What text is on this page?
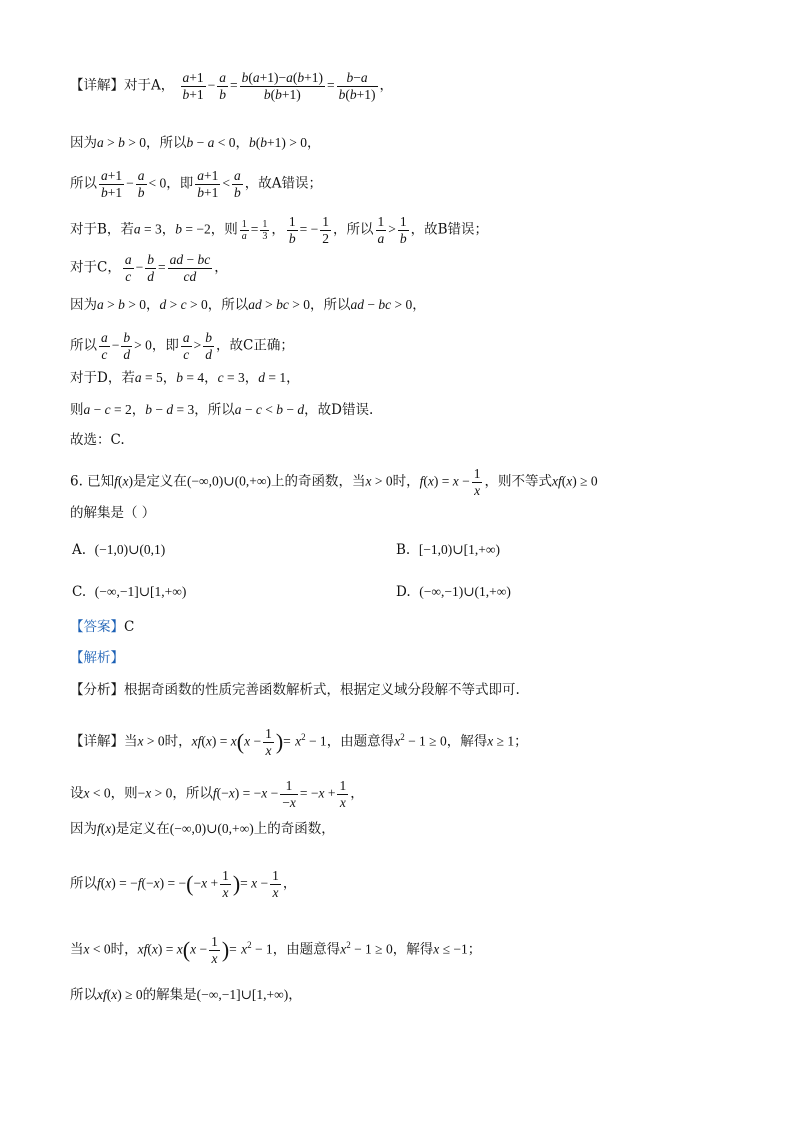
【详解】对于A， $\frac{a+1}{b+1} - \frac{a}{b} = \frac{b(a+1)-a(b+1)}{b(b+1)} = \frac{b-a}{b(b+1)}$ ，
因为a > b > 0，所以b − a < 0，b(b+1) > 0，
所以 $\frac{a+1}{b+1} - \frac{a}{b} < 0$，即 $\frac{a+1}{b+1} < \frac{a}{b}$ ，故A错误；
对于B，若a = 3，b = −2，则 $\frac{1}{a} = \frac{1}{3}$ ， $\frac{1}{b}$ = − $\frac{1}{2}$ ，所以 $\frac{1}{a} > \frac{1}{b}$ ，故B错误；
对于C， $\frac{a}{c} - \frac{b}{d} = \frac{ad - bc}{cd}$ ，
因为a > b > 0，d > c > 0，所以ad > bc > 0，所以ad − bc > 0，
所以 $\frac{a}{c} - \frac{b}{d} > 0$，即 $\frac{a}{c} > \frac{b}{d}$ ，故C正确；
对于D，若a = 5，b = 4，c = 3，d = 1，
则a − c = 2，b − d = 3，所以a − c < b − d，故D错误.
故选：C.
6. 已知f(x)是定义在(−∞,0)∪(0,+∞)上的奇函数，当x > 0时，$f(x) = x - \frac{1}{x}$ ，则不等式xf(x) ≥ 0
的解集是（ ）
A. (−1,0)∪(0,1)	B. [−1,0)∪[1,+∞)
C. (−∞,−1]∪[1,+∞)	D. (−∞,−1)∪(1,+∞)
【答案】C
【解析】
【分析】根据奇函数的性质完善函数解析式，根据定义域分段解不等式即可.
【详解】当x > 0时，$xf(x) = x(x - \frac{1}{x}$ )= $x^2 - 1$，由题意得$x^2 - 1 \ge 0$，解得x ≥ 1；
设x < 0，则−x > 0，所以$f(-x) = -x - \frac{1}{-x} = -x + \frac{1}{x}$ ，
因为f(x)是定义在(−∞,0)∪(0,+∞)上的奇函数，
所以$f(x) = -f(-x) = -(-x + \frac{1}{x}$ )= $x - \frac{1}{x}$ ，
当x < 0时，$xf(x) = x(x - \frac{1}{x}$ )= $x^2 - 1$，由题意得$x^2 - 1 \ge 0$，解得x ≤ −1；
所以xf(x) ≥ 0的解集是(−∞,−1]∪[1,+∞)，
